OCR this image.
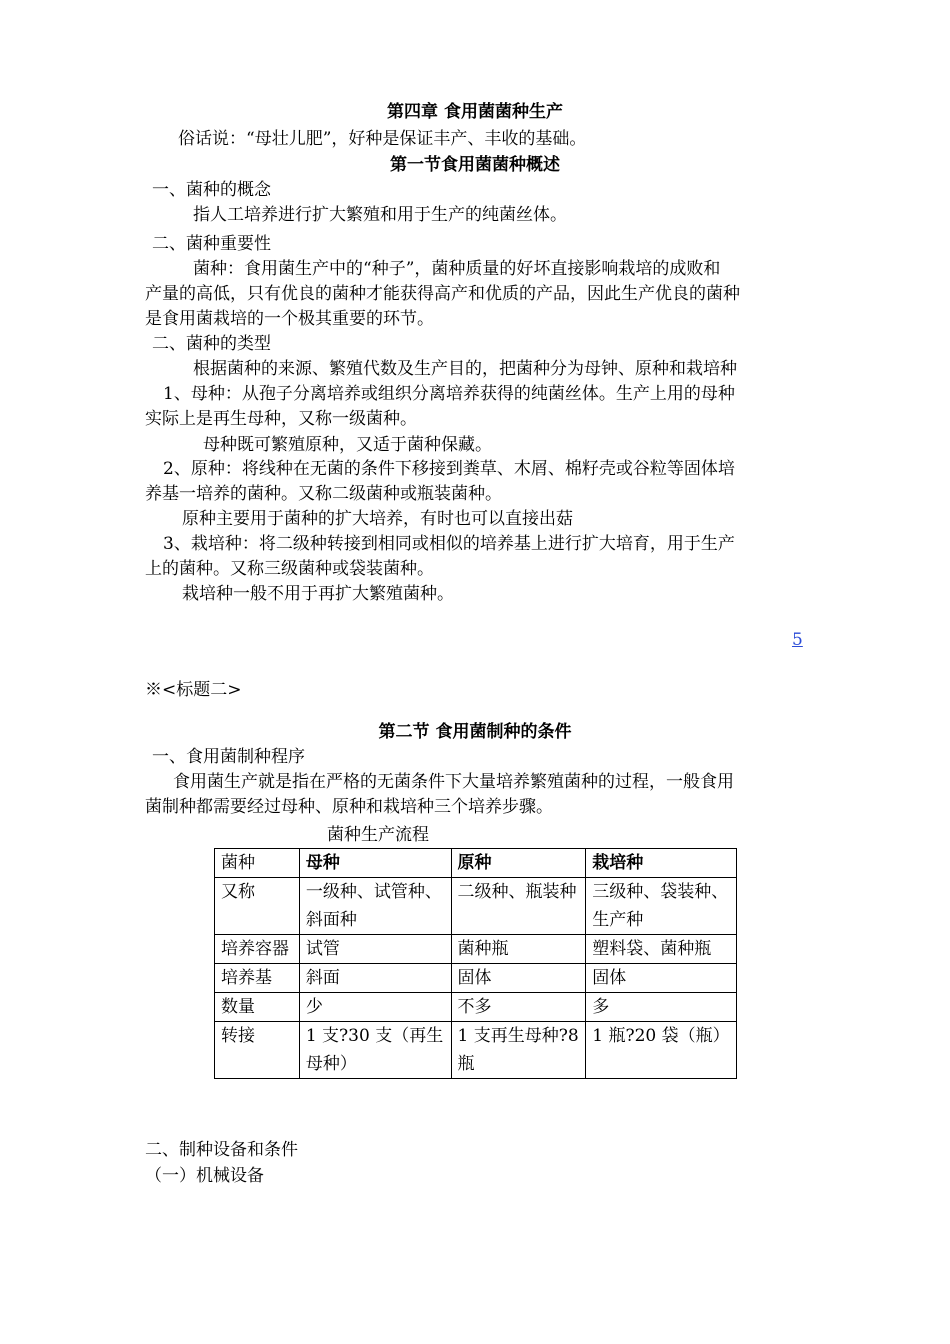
第四章 食用菌菌种生产
俗话说：“母壮儿肥”，好种是保证丰产、丰收的基础。
第一节食用菌菌种概述
一、菌种的概念
指人工培养进行扩大繁殖和用于生产的纯菌丝体。
二、菌种重要性
菌种：食用菌生产中的“种子”，菌种质量的好坏直接影响栽培的成败和
产量的高低，只有优良的菌种才能获得高产和优质的产品，因此生产优良的菌种
是食用菌栽培的一个极其重要的环节。
二、菌种的类型
根据菌种的来源、繁殖代数及生产目的，把菌种分为母钟、原种和栽培种
1、母种：从孢子分离培养或组织分离培养获得的纯菌丝体。生产上用的母种
实际上是再生母种，又称一级菌种。
母种既可繁殖原种，又适于菌种保藏。
2、原种：将线种在无菌的条件下移接到粪草、木屑、棉籽壳或谷粒等固体培
养基一培养的菌种。又称二级菌种或瓶装菌种。
原种主要用于菌种的扩大培养，有时也可以直接出菇
3、栽培种：将二级种转接到相同或相似的培养基上进行扩大培育，用于生产
上的菌种。又称三级菌种或袋装菌种。
栽培种一般不用于再扩大繁殖菌种。
5
※<标题二>
第二节 食用菌制种的条件
一、食用菌制种程序
食用菌生产就是指在严格的无菌条件下大量培养繁殖菌种的过程，一般食用
菌制种都需要经过母种、原种和栽培种三个培养步骤。
菌种生产流程
菌种	母种	原种	栽培种
又称	一级种、试管种、斜面种	二级种、瓶装种	三级种、袋装种、生产种
培养容器	试管	菌种瓶	塑料袋、菌种瓶
培养基	斜面	固体	固体
数量	少	不多	多
转接	1 支?30 支（再生母种）	1 支再生母种?8 瓶	1 瓶?20 袋（瓶）
二、制种设备和条件
（一）机械设备
